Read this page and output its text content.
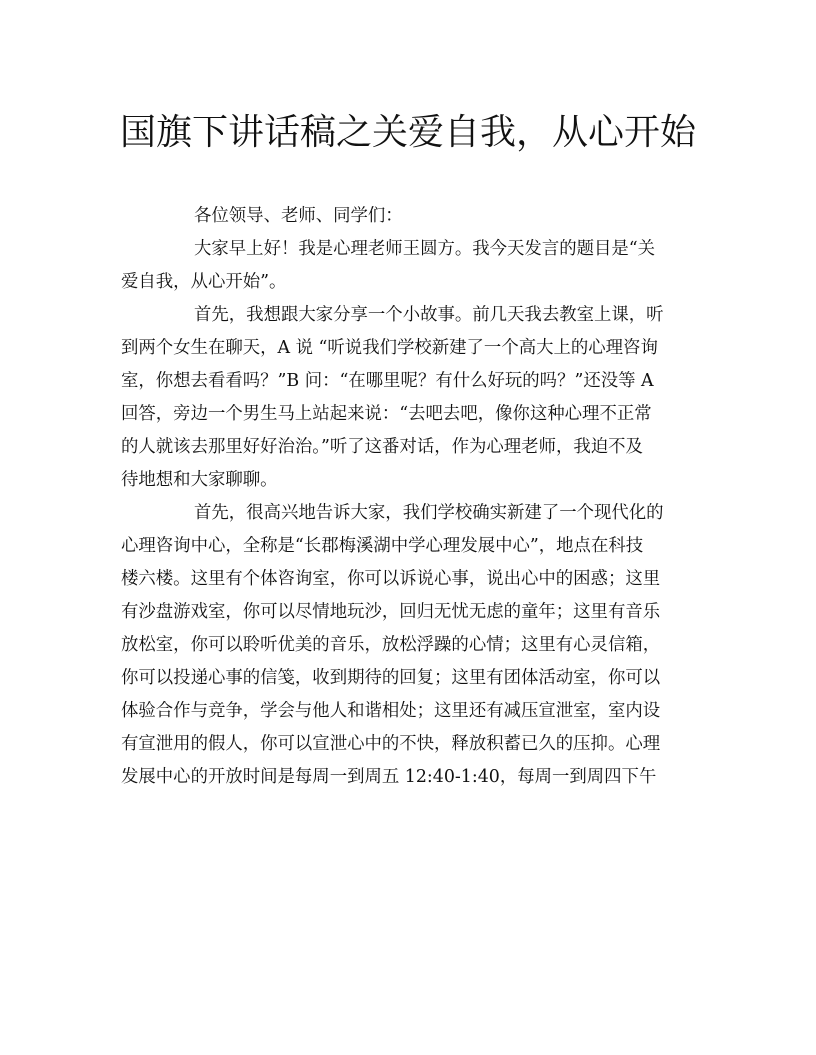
国旗下讲话稿之关爱自我，从心开始
各位领导、老师、同学们：
大家早上好！我是心理老师王圆方。我今天发言的题目是“关
爱自我，从心开始”。
首先，我想跟大家分享一个小故事。前几天我去教室上课，听
到两个女生在聊天，A 说 “听说我们学校新建了一个高大上的心理咨询
室，你想去看看吗？”B 问：“在哪里呢？有什么好玩的吗？”还没等 A
回答，旁边一个男生马上站起来说：“去吧去吧，像你这种心理不正常
的人就该去那里好好治治。”听了这番对话，作为心理老师，我迫不及
待地想和大家聊聊。
首先，很高兴地告诉大家，我们学校确实新建了一个现代化的
心理咨询中心，全称是“长郡梅溪湖中学心理发展中心”，地点在科技
楼六楼。这里有个体咨询室，你可以诉说心事，说出心中的困惑；这里
有沙盘游戏室，你可以尽情地玩沙，回归无忧无虑的童年；这里有音乐
放松室，你可以聆听优美的音乐，放松浮躁的心情；这里有心灵信箱，
你可以投递心事的信笺，收到期待的回复；这里有团体活动室，你可以
体验合作与竞争，学会与他人和谐相处；这里还有减压宣泄室，室内设
有宣泄用的假人，你可以宣泄心中的不快，释放积蓄已久的压抑。心理
发展中心的开放时间是每周一到周五 12:40-1:40，每周一到周四下午
